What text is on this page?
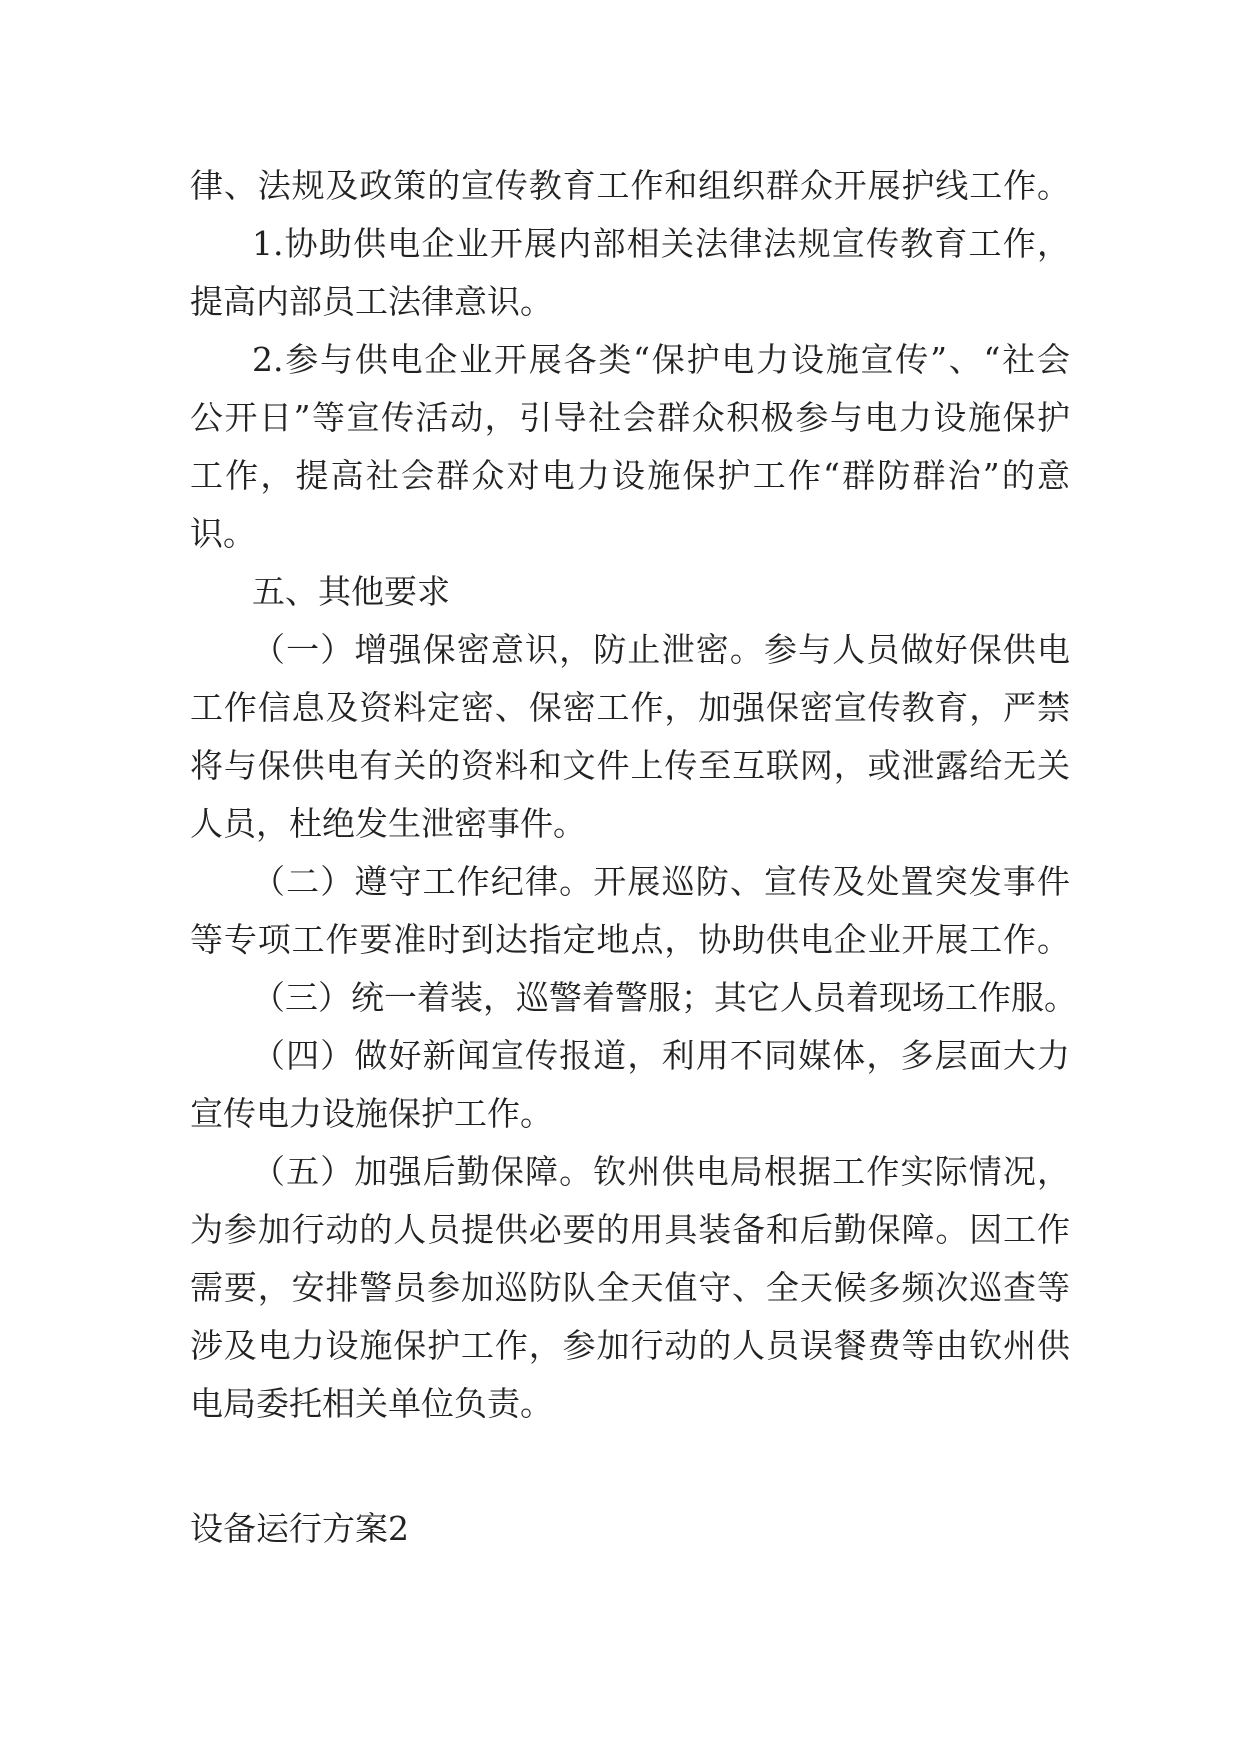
律、法规及政策的宣传教育工作和组织群众开展护线工作。
1.协助供电企业开展内部相关法律法规宣传教育工作，
提高内部员工法律意识。
2.参与供电企业开展各类“保护电力设施宣传”、“社会
公开日”等宣传活动，引导社会群众积极参与电力设施保护
工作，提高社会群众对电力设施保护工作“群防群治”的意
识。
五、其他要求
（一）增强保密意识，防止泄密。参与人员做好保供电
工作信息及资料定密、保密工作，加强保密宣传教育，严禁
将与保供电有关的资料和文件上传至互联网，或泄露给无关
人员，杜绝发生泄密事件。
（二）遵守工作纪律。开展巡防、宣传及处置突发事件
等专项工作要准时到达指定地点，协助供电企业开展工作。
（三）统一着装，巡警着警服；其它人员着现场工作服。
（四）做好新闻宣传报道，利用不同媒体，多层面大力
宣传电力设施保护工作。
（五）加强后勤保障。钦州供电局根据工作实际情况，
为参加行动的人员提供必要的用具装备和后勤保障。因工作
需要，安排警员参加巡防队全天值守、全天候多频次巡查等
涉及电力设施保护工作，参加行动的人员误餐费等由钦州供
电局委托相关单位负责。
设备运行方案2
